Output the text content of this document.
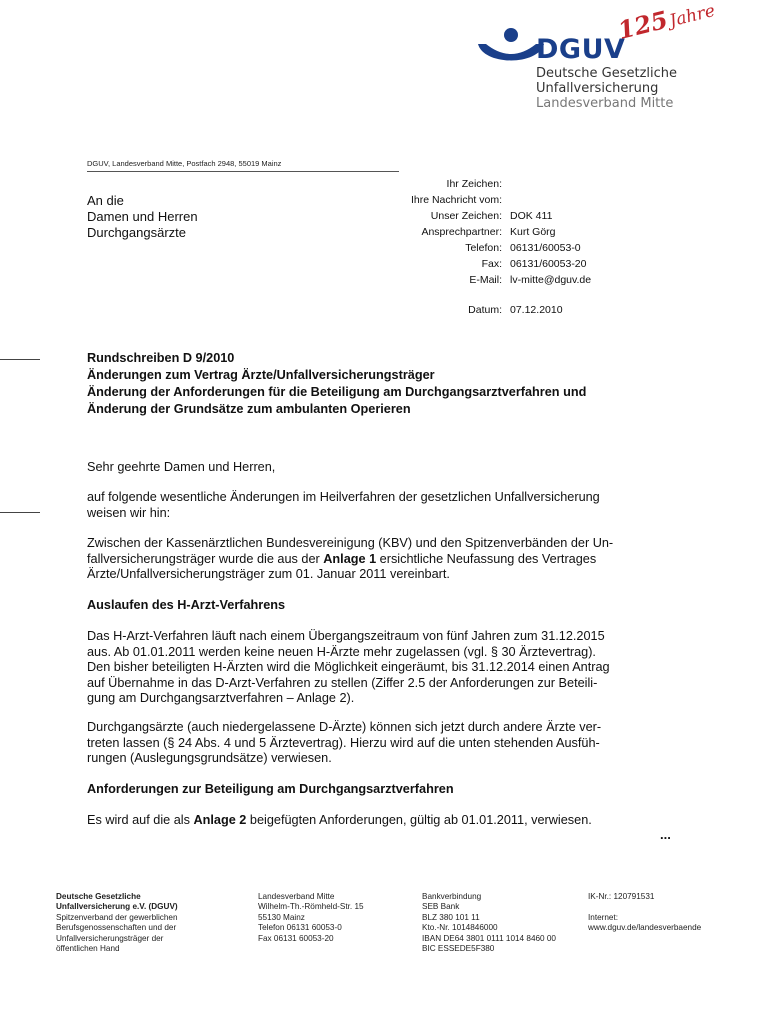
DGUV
Deutsche Gesetzliche
Unfallversicherung
Landesverband Mitte
125Jahre
DGUV, Landesverband Mitte, Postfach 2948, 55019 Mainz
An die
Damen und Herren
Durchgangsärzte
Ihr Zeichen:
Ihre Nachricht vom:
Unser Zeichen: DOK 411
Ansprechpartner: Kurt Görg
Telefon: 06131/60053-0
Fax: 06131/60053-20
E-Mail: lv-mitte@dguv.de
Datum: 07.12.2010
Rundschreiben D 9/2010
Änderungen zum Vertrag Ärzte/Unfallversicherungsträger
Änderung der Anforderungen für die Beteiligung am Durchgangsarztverfahren und
Änderung der Grundsätze zum ambulanten Operieren
Sehr geehrte Damen und Herren,
auf folgende wesentliche Änderungen im Heilverfahren der gesetzlichen Unfallversicherung
weisen wir hin:
Zwischen der Kassenärztlichen Bundesvereinigung (KBV) und den Spitzenverbänden der Un-
fallversicherungsträger wurde die aus der Anlage 1 ersichtliche Neufassung des Vertrages
Ärzte/Unfallversicherungsträger zum 01. Januar 2011 vereinbart.
Auslaufen des H-Arzt-Verfahrens
Das H-Arzt-Verfahren läuft nach einem Übergangszeitraum von fünf Jahren zum 31.12.2015
aus. Ab 01.01.2011 werden keine neuen H-Ärzte mehr zugelassen (vgl. § 30 Ärztevertrag).
Den bisher beteiligten H-Ärzten wird die Möglichkeit eingeräumt, bis 31.12.2014 einen Antrag
auf Übernahme in das D-Arzt-Verfahren zu stellen (Ziffer 2.5 der Anforderungen zur Beteili-
gung am Durchgangsarztverfahren – Anlage 2).
Durchgangsärzte (auch niedergelassene D-Ärzte) können sich jetzt durch andere Ärzte ver-
treten lassen (§ 24 Abs. 4 und 5 Ärztevertrag). Hierzu wird auf die unten stehenden Ausfüh-
rungen (Auslegungsgrundsätze) verwiesen.
Anforderungen zur Beteiligung am Durchgangsarztverfahren
Es wird auf die als Anlage 2 beigefügten Anforderungen, gültig ab 01.01.2011, verwiesen.
...
Deutsche Gesetzliche
Unfallversicherung e.V. (DGUV)
Spitzenverband der gewerblichen
Berufsgenossenschaften und der
Unfallversicherungsträger der
öffentlichen Hand
Landesverband Mitte
Wilhelm-Th.-Römheld-Str. 15
55130 Mainz
Telefon 06131 60053-0
Fax 06131 60053-20
Bankverbindung
SEB Bank
BLZ 380 101 11
Kto.-Nr. 1014846000
IBAN DE64 3801 0111 1014 8460 00
BIC ESSEDE5F380
IK-Nr.: 120791531
Internet:
www.dguv.de/landesverbaende
